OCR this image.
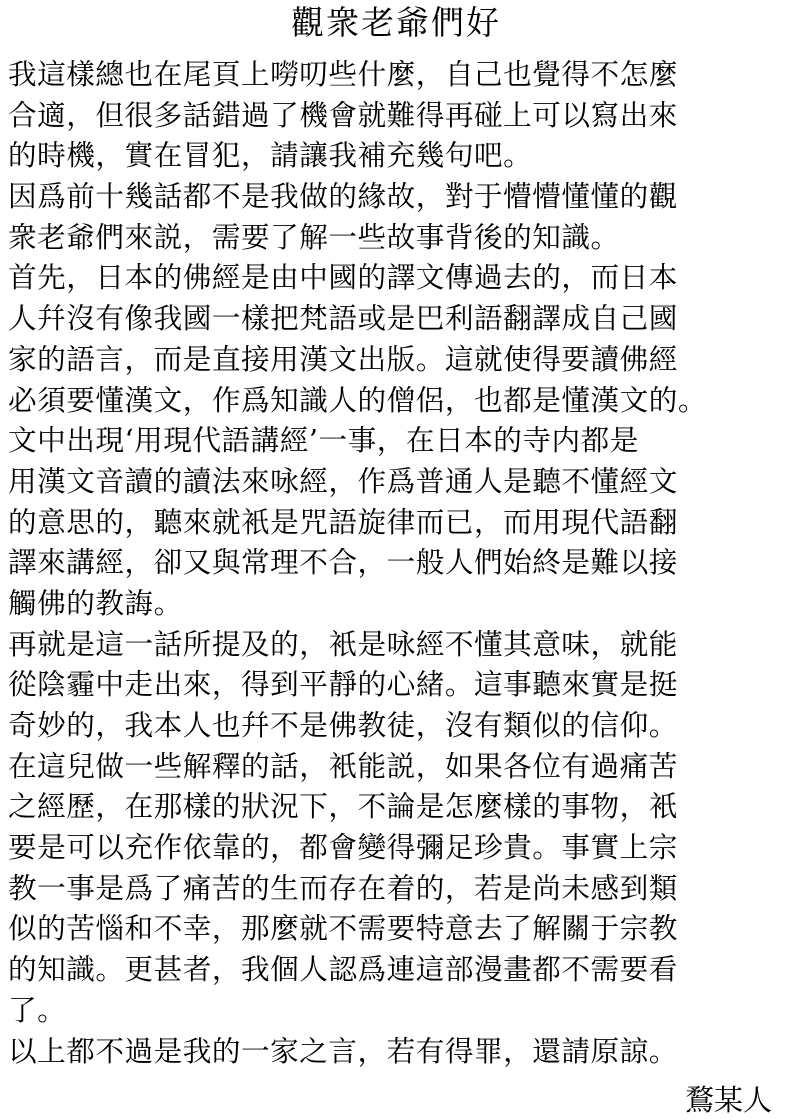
觀衆老爺們好
我這樣總也在尾頁上嘮叨些什麼，自己也覺得不怎麼
合適，但很多話錯過了機會就難得再碰上可以寫出來
的時機，實在冒犯，請讓我補充幾句吧。
因爲前十幾話都不是我做的緣故，對于懵懵懂懂的觀
衆老爺們來説，需要了解一些故事背後的知識。
首先，日本的佛經是由中國的譯文傳過去的，而日本
人幷沒有像我國一樣把梵語或是巴利語翻譯成自己國
家的語言，而是直接用漢文出版。這就使得要讀佛經
必須要懂漢文，作爲知識人的僧侶，也都是懂漢文的。
文中出現‘用現代語講經’一事，在日本的寺内都是
用漢文音讀的讀法來咏經，作爲普通人是聽不懂經文
的意思的，聽來就衹是咒語旋律而已，而用現代語翻
譯來講經，卻又與常理不合，一般人們始終是難以接
觸佛的教誨。
再就是這一話所提及的，衹是咏經不懂其意味，就能
從陰霾中走出來，得到平靜的心緒。這事聽來實是挺
奇妙的，我本人也幷不是佛教徒，沒有類似的信仰。
在這兒做一些解釋的話，衹能説，如果各位有過痛苦
之經歷，在那樣的狀況下，不論是怎麼樣的事物，衹
要是可以充作依靠的，都會變得彌足珍貴。事實上宗
教一事是爲了痛苦的生而存在着的，若是尚未感到類
似的苦惱和不幸，那麼就不需要特意去了解關于宗教
的知識。更甚者，我個人認爲連這部漫畫都不需要看
了。
以上都不過是我的一家之言，若有得罪，還請原諒。
鶩某人
